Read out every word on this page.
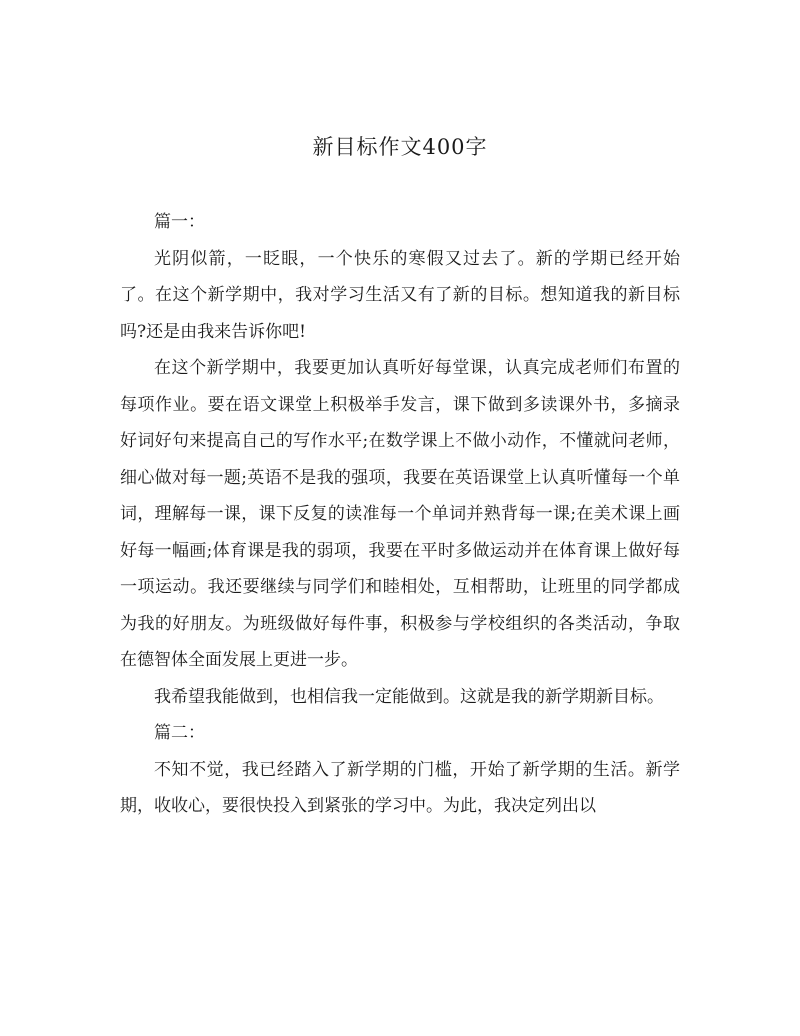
新目标作文400字

篇一：

光阴似箭，一眨眼，一个快乐的寒假又过去了。新的学期已经开始了。在这个新学期中，我对学习生活又有了新的目标。想知道我的新目标吗?还是由我来告诉你吧!

在这个新学期中，我要更加认真听好每堂课，认真完成老师们布置的每项作业。要在语文课堂上积极举手发言，课下做到多读课外书，多摘录好词好句来提高自己的写作水平;在数学课上不做小动作，不懂就问老师，细心做对每一题;英语不是我的强项，我要在英语课堂上认真听懂每一个单词，理解每一课，课下反复的读准每一个单词并熟背每一课;在美术课上画好每一幅画;体育课是我的弱项，我要在平时多做运动并在体育课上做好每一项运动。我还要继续与同学们和睦相处，互相帮助，让班里的同学都成为我的好朋友。为班级做好每件事，积极参与学校组织的各类活动，争取在德智体全面发展上更进一步。

我希望我能做到，也相信我一定能做到。这就是我的新学期新目标。

篇二：

不知不觉，我已经踏入了新学期的门槛，开始了新学期的生活。新学期，收收心，要很快投入到紧张的学习中。为此，我决定列出以
